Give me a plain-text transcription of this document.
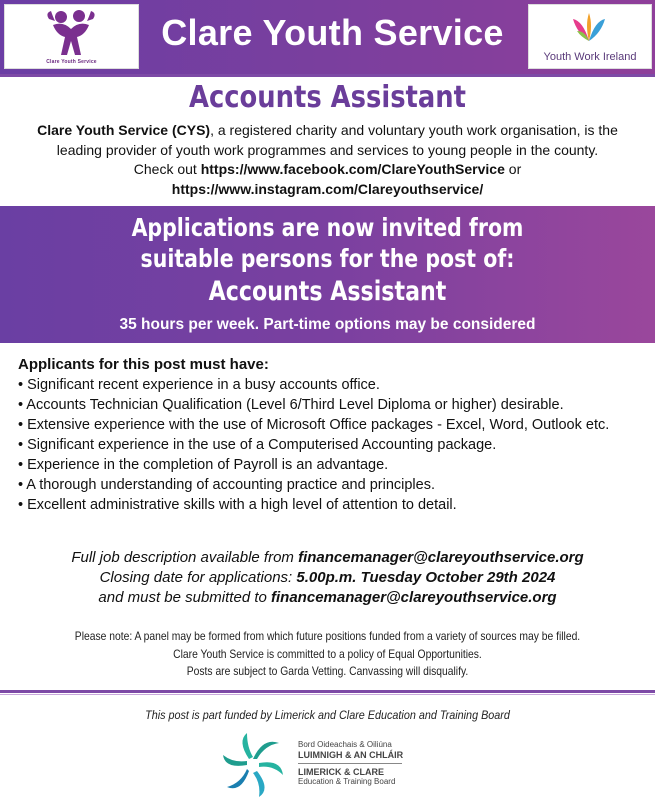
Clare Youth Service
Clare Youth Service
Youth Work Ireland
Accounts Assistant
Clare Youth Service (CYS), a registered charity and voluntary youth work organisation, is the leading provider of youth work programmes and services to young people in the county.
Check out https://www.facebook.com/ClareYouthService or
https://www.instagram.com/Clareyouthservice/
Applications are now invited from
suitable persons for the post of:
Accounts Assistant
35 hours per week. Part-time options may be considered
Applicants for this post must have:
• Significant recent experience in a busy accounts office.
• Accounts Technician Qualification (Level 6/Third Level Diploma or higher) desirable.
• Extensive experience with the use of Microsoft Office packages - Excel, Word, Outlook etc.
• Significant experience in the use of a Computerised Accounting package.
• Experience in the completion of Payroll is an advantage.
• A thorough understanding of accounting practice and principles.
• Excellent administrative skills with a high level of attention to detail.
Full job description available from financemanager@clareyouthservice.org
Closing date for applications: 5.00p.m. Tuesday October 29th 2024
and must be submitted to financemanager@clareyouthservice.org
Please note: A panel may be formed from which future positions funded from a variety of sources may be filled.
Clare Youth Service is committed to a policy of Equal Opportunities.
Posts are subject to Garda Vetting. Canvassing will disqualify.
This post is part funded by Limerick and Clare Education and Training Board
Bord Oideachais & Oiliúna
LUIMNIGH & AN CHLÁIR
LIMERICK & CLARE
Education & Training Board
